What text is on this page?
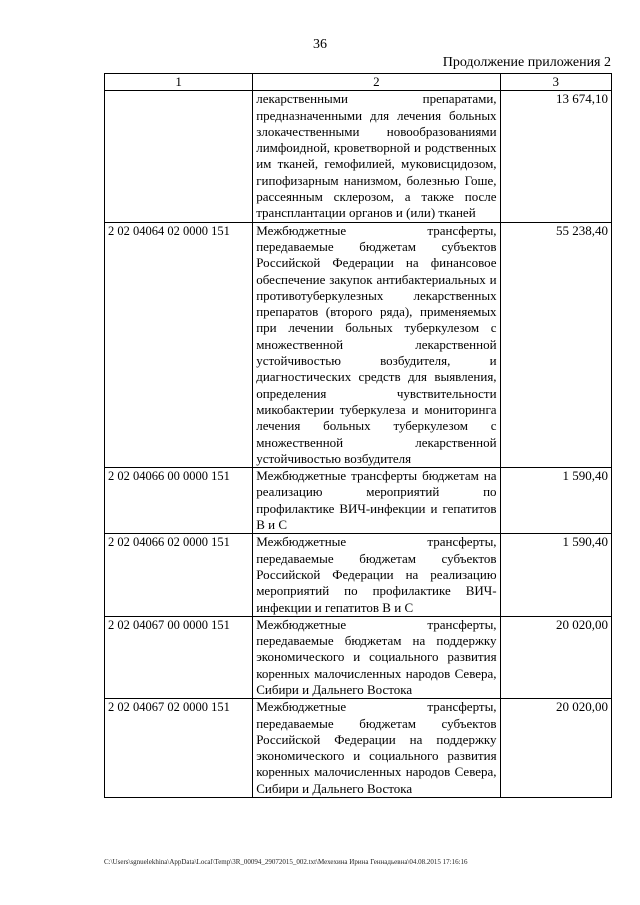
36
Продолжение приложения 2
1	2	3
	лекарственными препаратами, предназначенными для лечения больных злокачественными новообразованиями лимфоидной, кроветворной и родственных им тканей, гемофилией, муковисцидозом, гипофизарным нанизмом, болезнью Гоше, рассеянным склерозом, а также после трансплантации органов и (или) тканей	13 674,10
2 02 04064 02 0000 151	Межбюджетные трансферты, передаваемые бюджетам субъектов Российской Федерации на финансовое обеспечение закупок антибактериальных и противотуберкулезных лекарственных препаратов (второго ряда), применяемых при лечении больных туберкулезом с множественной лекарственной устойчивостью возбудителя, и диагностических средств для выявления, определения чувствительности микобактерии туберкулеза и мониторинга лечения больных туберкулезом с множественной лекарственной устойчивостью возбудителя	55 238,40
2 02 04066 00 0000 151	Межбюджетные трансферты бюджетам на реализацию мероприятий по профилактике ВИЧ-инфекции и гепатитов В и С	1 590,40
2 02 04066 02 0000 151	Межбюджетные трансферты, передаваемые бюджетам субъектов Российской Федерации на реализацию мероприятий по профилактике ВИЧ-инфекции и гепатитов В и С	1 590,40
2 02 04067 00 0000 151	Межбюджетные трансферты, передаваемые бюджетам на поддержку экономического и социального развития коренных малочисленных народов Севера, Сибири и Дальнего Востока	20 020,00
2 02 04067 02 0000 151	Межбюджетные трансферты, передаваемые бюджетам субъектов Российской Федерации на поддержку экономического и социального развития коренных малочисленных народов Севера, Сибири и Дальнего Востока	20 020,00
C:\Users\sgnuelekhina\AppData\Local\Temp\3R_00094_29072015_002.txt\Мехехина Ирина Геннадьевна\04.08.2015 17:16:16
